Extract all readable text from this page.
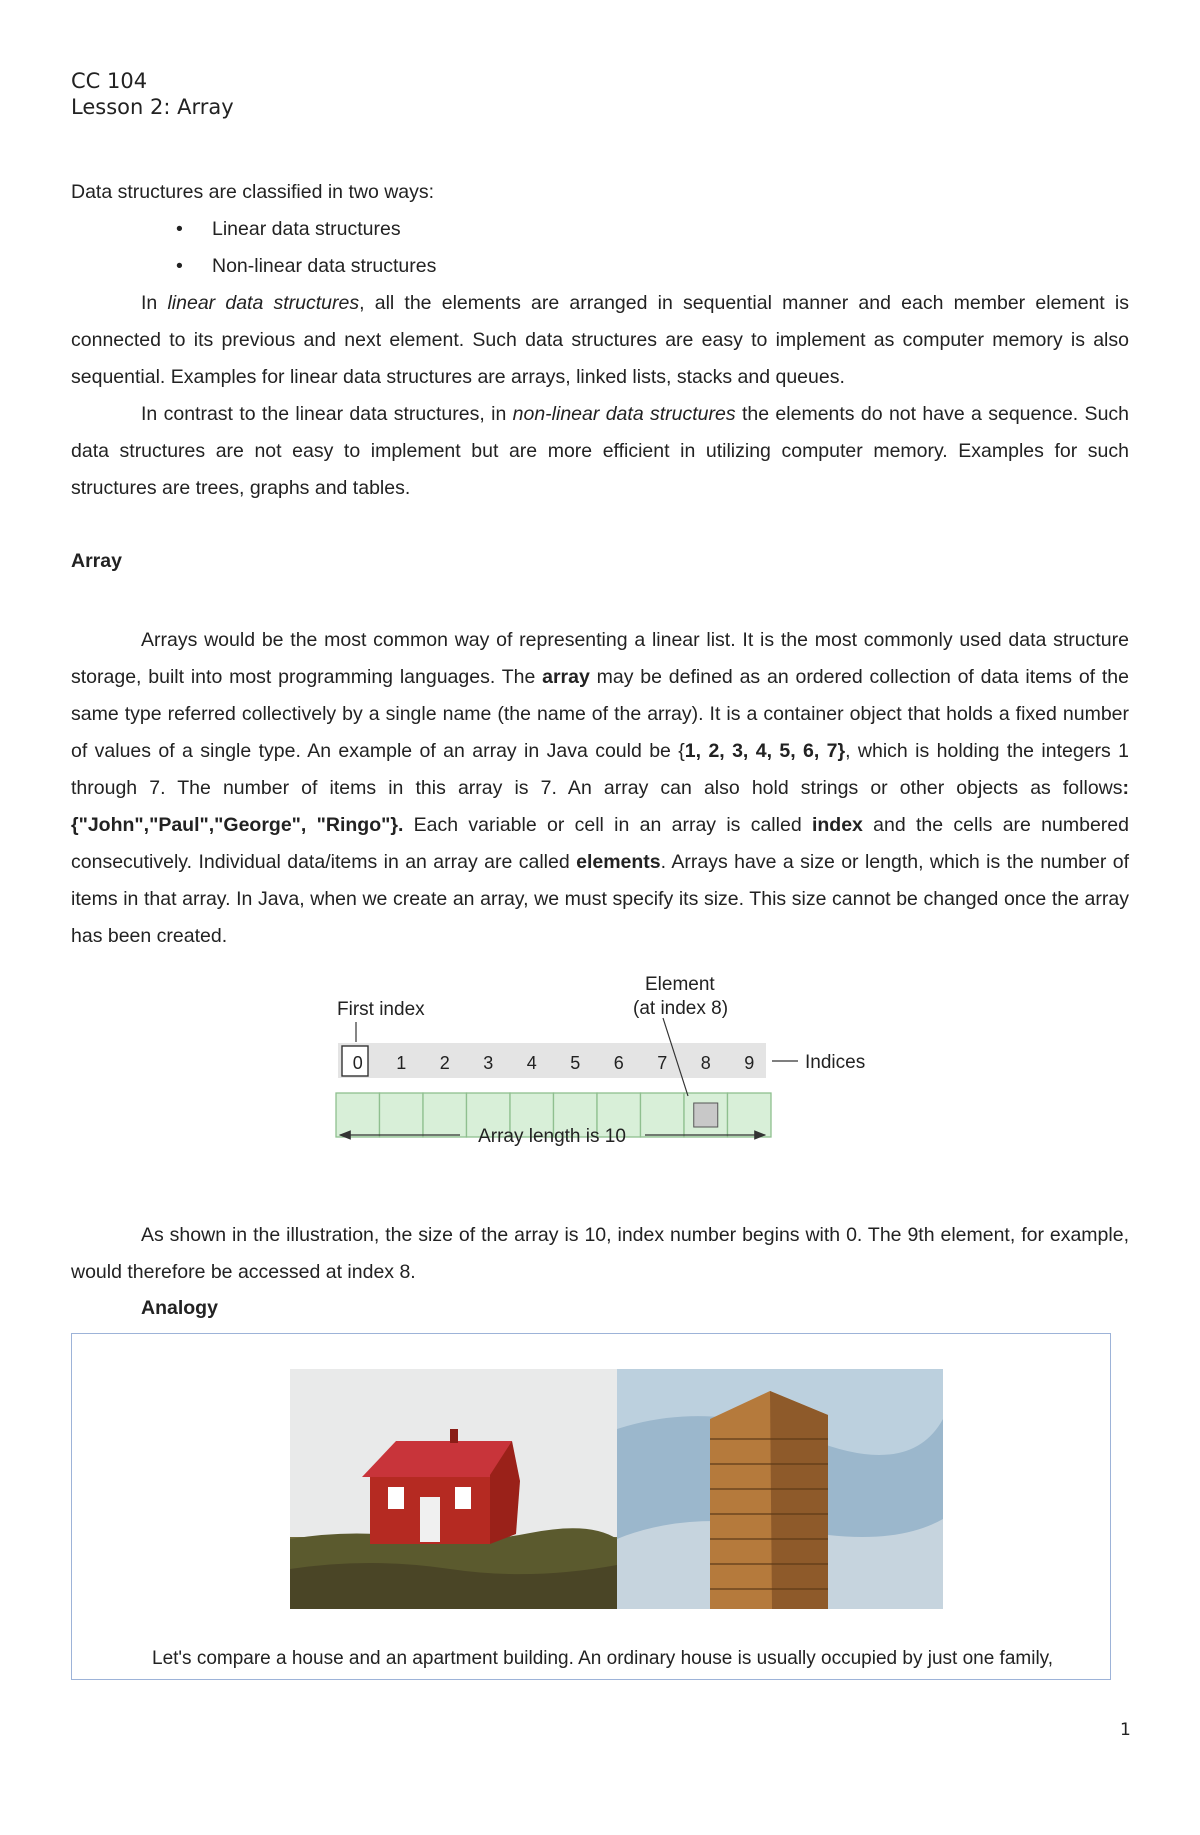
CC 104
Lesson 2: Array

Data structures are classified in two ways:

• Linear data structures
• Non-linear data structures

In linear data structures, all the elements are arranged in sequential manner and each member element is connected to its previous and next element. Such data structures are easy to implement as computer memory is also sequential. Examples for linear data structures are arrays, linked lists, stacks and queues.

In contrast to the linear data structures, in non-linear data structures the elements do not have a sequence. Such data structures are not easy to implement but are more efficient in utilizing computer memory. Examples for such structures are trees, graphs and tables.

Array

Arrays would be the most common way of representing a linear list. It is the most commonly used data structure storage, built into most programming languages. The array may be defined as an ordered collection of data items of the same type referred collectively by a single name (the name of the array). It is a container object that holds a fixed number of values of a single type. An example of an array in Java could be {1, 2, 3, 4, 5, 6, 7}, which is holding the integers 1 through 7. The number of items in this array is 7. An array can also hold strings or other objects as follows: {"John","Paul","George", "Ringo"}. Each variable or cell in an array is called index and the cells are numbered consecutively. Individual data/items in an array are called elements. Arrays have a size or length, which is the number of items in that array. In Java, when we create an array, we must specify its size. This size cannot be changed once the array has been created.

First index
Element
(at index 8)
0 1 2 3 4 5 6 7 8 9	Indices
Array length is 10

As shown in the illustration, the size of the array is 10, index number begins with 0. The 9th element, for example, would therefore be accessed at index 8.

Analogy
Let's compare a house and an apartment building. An ordinary house is usually occupied by just one family,
1
